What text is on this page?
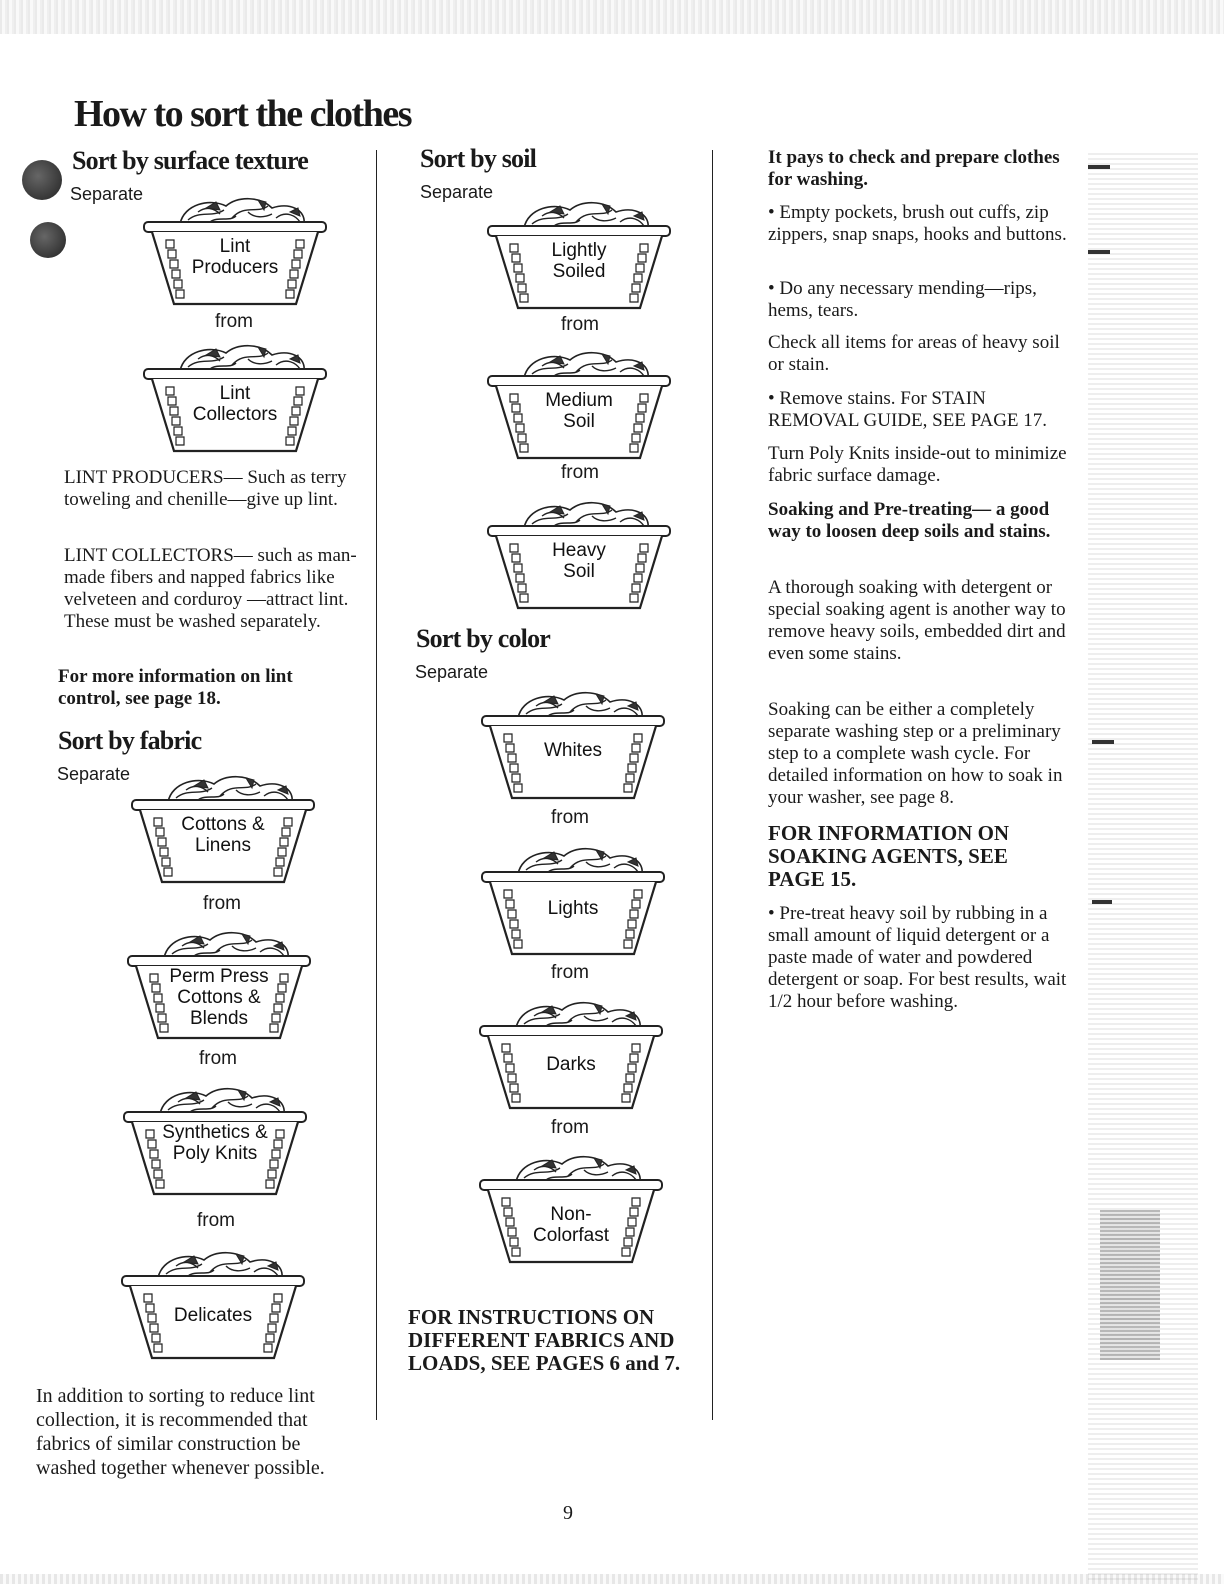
How to sort the clothes
Sort by surface texture
Separate
Lint
Producers
from
Lint
Collectors

LINT PRODUCERS— Such as terry toweling and chenille—give up lint.

LINT COLLECTORS— such as man-made fibers and napped fabrics like velveteen and corduroy —attract lint. These must be washed separately.

For more information on lint control, see page 18.

Sort by fabric
Separate
Cottons &
Linens
from
Perm Press
Cottons &
Blends
from
Synthetics &
Poly Knits
from
Delicates

In addition to sorting to reduce lint collection, it is recommended that fabrics of similar construction be washed together whenever possible.

Sort by soil
Separate
Lightly
Soiled
from
Medium
Soil
from
Heavy
Soil
Sort by color
Separate
Whites
from
Lights
from
Darks
from
Non-
Colorfast

FOR INSTRUCTIONS ON DIFFERENT FABRICS AND LOADS, SEE PAGES 6 and 7.

It pays to check and prepare clothes for washing.

• Empty pockets, brush out cuffs, zip zippers, snap snaps, hooks and buttons.

• Do any necessary mending—rips, hems, tears.

Check all items for areas of heavy soil or stain.

• Remove stains. For STAIN REMOVAL GUIDE, SEE PAGE 17.

Turn Poly Knits inside-out to minimize fabric surface damage.

Soaking and Pre-treating— a good way to loosen deep soils and stains.

A thorough soaking with detergent or special soaking agent is another way to remove heavy soils, embedded dirt and even some stains.

Soaking can be either a completely separate washing step or a preliminary step to a complete wash cycle. For detailed information on how to soak in your washer, see page 8.

FOR INFORMATION ON SOAKING AGENTS, SEE PAGE 15.

• Pre-treat heavy soil by rubbing in a small amount of liquid detergent or a paste made of water and powdered detergent or soap. For best results, wait 1/2 hour before washing.

9
